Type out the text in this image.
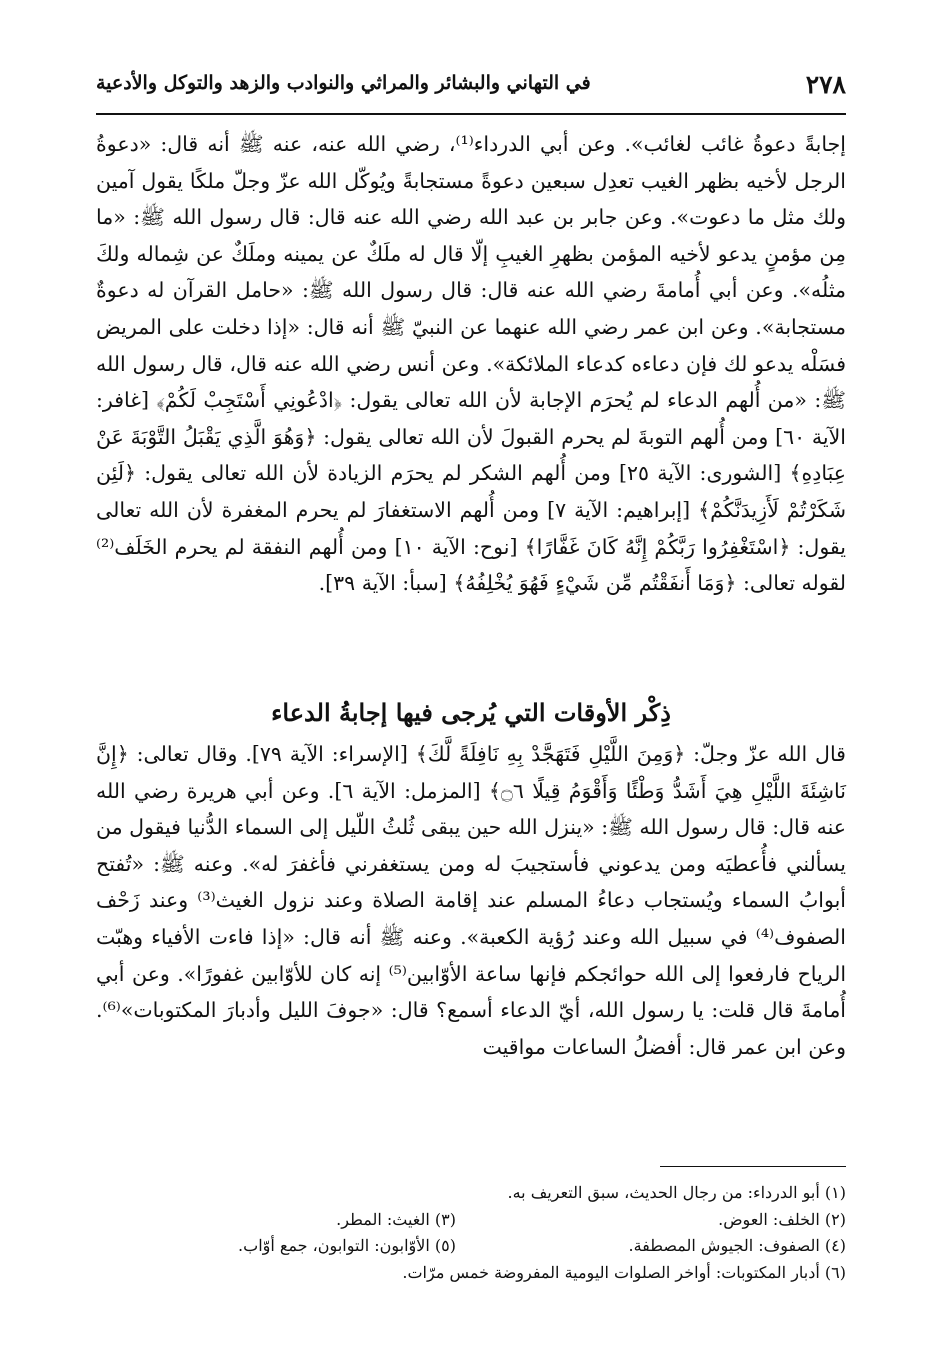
٢٧٨
في التهاني والبشائر والمراثي والنوادب والزهد والتوكل والأدعية

إجابةً دعوةُ غائب لغائب». وعن أبي الدرداء⁽¹⁾، رضي الله عنه، عنه ﷺ أنه قال: «دعوةُ الرجل لأخيه بظهر الغيب تعدِل سبعين دعوةً مستجابةً ويُوكّل الله عزّ وجلّ ملكًا يقول آمين ولك مثل ما دعوت». وعن جابر بن عبد الله رضي الله عنه قال: قال رسول الله ﷺ: «ما مِن مؤمنٍ يدعو لأخيه المؤمن بظهرِ الغيبِ إلّا قال له ملَكٌ عن يمينه وملَكٌ عن شِماله ولكَ مثلُه». وعن أبي أُمامةَ رضي الله عنه قال: قال رسول الله ﷺ: «حامل القرآن له دعوةٌ مستجابة». وعن ابن عمر رضي الله عنهما عن النبيّ ﷺ أنه قال: «إذا دخلت على المريض فسَلْه يدعو لك فإن دعاءه كدعاء الملائكة». وعن أنس رضي الله عنه قال، قال رسول الله ﷺ: «من أُلهم الدعاء لم يُحرَم الإجابة لأن الله تعالى يقول: ﴿ادْعُونِي أَسْتَجِبْ لَكُمْ﴾ [غافر: الآية ٦٠] ومن أُلهم التوبةَ لم يحرم القبولَ لأن الله تعالى يقول: ﴿وَهُوَ الَّذِي يَقْبَلُ التَّوْبَةَ عَنْ عِبَادِهِ﴾ [الشورى: الآية ٢٥] ومن أُلهم الشكر لم يحرَم الزيادة لأن الله تعالى يقول: ﴿لَئِن شَكَرْتُمْ لَأَزِيدَنَّكُمْ﴾ [إبراهيم: الآية ٧] ومن أُلهم الاستغفارَ لم يحرم المغفرة لأن الله تعالى يقول: ﴿اسْتَغْفِرُوا رَبَّكُمْ إِنَّهُ كَانَ غَفَّارًا﴾ [نوح: الآية ١٠] ومن أُلهم النفقة لم يحرم الخَلَف⁽²⁾ لقوله تعالى: ﴿وَمَا أَنفَقْتُم مِّن شَيْءٍ فَهُوَ يُخْلِفُهُ﴾ [سبأ: الآية ٣٩].

ذِكْر الأوقات التي يُرجى فيها إجابةُ الدعاء

قال الله عزّ وجلّ: ﴿وَمِنَ اللَّيْلِ فَتَهَجَّدْ بِهِ نَافِلَةً لَّكَ﴾ [الإسراء: الآية ٧٩]. وقال تعالى: ﴿إِنَّ نَاشِئَةَ اللَّيْلِ هِيَ أَشَدُّ وَطْئًا وَأَقْوَمُ قِيلًا ۝٦﴾ [المزمل: الآية ٦]. وعن أبي هريرة رضي الله عنه قال: قال رسول الله ﷺ: «ينزل الله حين يبقى ثُلثُ اللّيل إلى السماء الدُّنيا فيقول من يسألني فأُعطيَه ومن يدعوني فأستجيبَ له ومن يستغفرني فأغفرَ له». وعنه ﷺ: «تُفتح أبوابُ السماء ويُستجاب دعاءُ المسلم عند إقامة الصلاة وعند نزول الغيث⁽³⁾ وعند زَحْف الصفوف⁽⁴⁾ في سبيل الله وعند رُؤية الكعبة». وعنه ﷺ أنه قال: «إذا فاءت الأفياء وهبّت الرياح فارفعوا إلى الله حوائجكم فإنها ساعة الأوّابين⁽⁵⁾ إنه كان للأوّابين غفورًا». وعن أبي أُمامةَ قال قلت: يا رسول الله، أيّ الدعاء أسمع؟ قال: «جوفَ الليل وأدبارَ المكتوبات»⁽⁶⁾. وعن ابن عمر قال: أفضلُ الساعات مواقيت

(١) أبو الدرداء: من رجال الحديث، سبق التعريف به.
(٢) الخلف: العوض.
(٣) الغيث: المطر.
(٤) الصفوف: الجيوش المصطفة.
(٥) الأوّابون: التوابون، جمع أوّاب.
(٦) أدبار المكتوبات: أواخر الصلوات اليومية المفروضة خمس مرّات.
